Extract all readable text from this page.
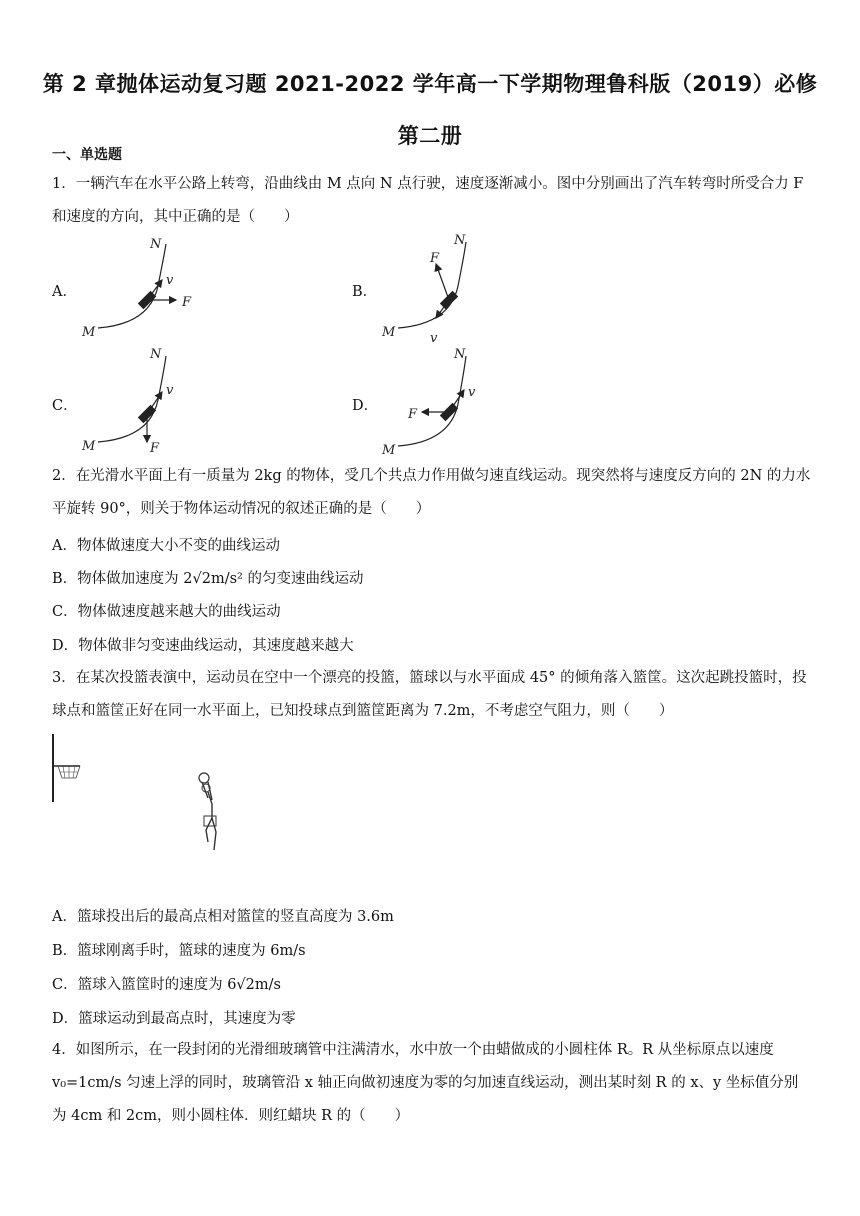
第 2 章抛体运动复习题 2021-2022 学年高一下学期物理鲁科版（2019）必修第二册
一、单选题
1．一辆汽车在水平公路上转弯，沿曲线由 M 点向 N 点行驶，速度逐渐减小。图中分别画出了汽车转弯时所受合力 F 和速度的方向，其中正确的是（　　）
A．
M
N
v
F
B．
M
N
v
F
C．
M
N
v
F
D．
M
N
v
F
2．在光滑水平面上有一质量为 2kg 的物体，受几个共点力作用做匀速直线运动。现突然将与速度反方向的 2N 的力水平旋转 90°，则关于物体运动情况的叙述正确的是（　　）
A．物体做速度大小不变的曲线运动
B．物体做加速度为 2√2m/s² 的匀变速曲线运动
C．物体做速度越来越大的曲线运动
D．物体做非匀变速曲线运动，其速度越来越大
3．在某次投篮表演中，运动员在空中一个漂亮的投篮，篮球以与水平面成 45° 的倾角落入篮筐。这次起跳投篮时，投球点和篮筐正好在同一水平面上，已知投球点到篮筐距离为 7.2m，不考虑空气阻力，则（　　）
A．篮球投出后的最高点相对篮筐的竖直高度为 3.6m
B．篮球刚离手时，篮球的速度为 6m/s
C．篮球入篮筐时的速度为 6√2m/s
D．篮球运动到最高点时，其速度为零
4．如图所示，在一段封闭的光滑细玻璃管中注满清水，水中放一个由蜡做成的小圆柱体 R。R 从坐标原点以速度 v₀=1cm/s 匀速上浮的同时，玻璃管沿 x 轴正向做初速度为零的匀加速直线运动，测出某时刻 R 的 x、y 坐标值分别为 4cm 和 2cm，则小圆柱体．则红蜡块 R 的（　　）
